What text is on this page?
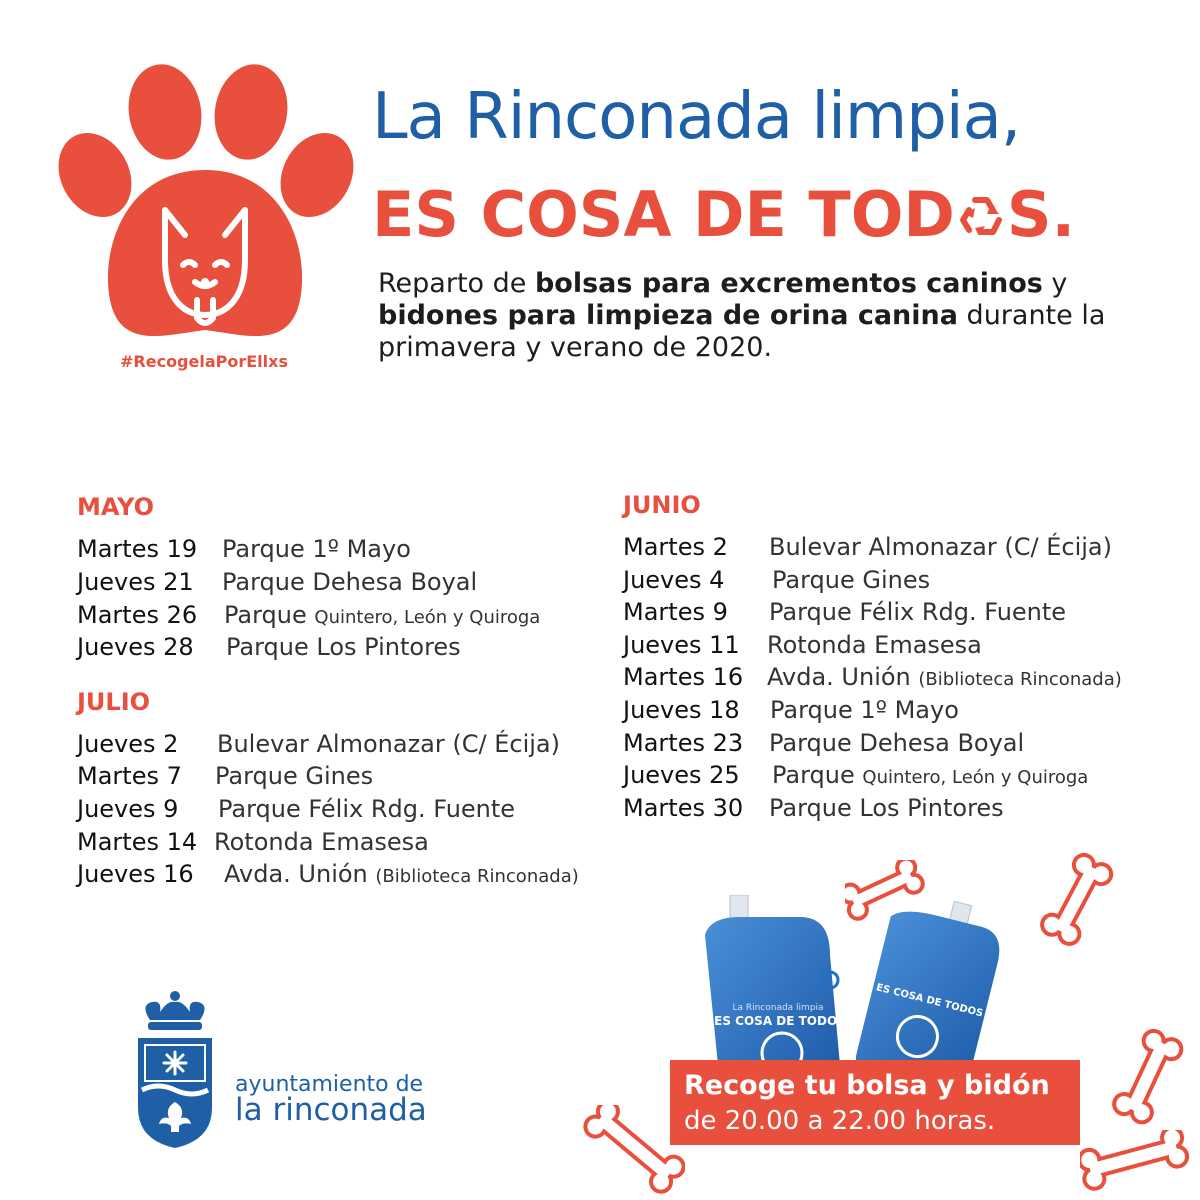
#RecogelaPorEllxs
La Rinconada limpia,
ES COSA DE TOD S.
Reparto de bolsas para excrementos caninos y bidones para limpieza de orina canina durante la primavera y verano de 2020.
MAYO
Martes 19 Parque 1º Mayo
Jueves 21 Parque Dehesa Boyal
Martes 26 Parque Quintero, León y Quiroga
Jueves 28 Parque Los Pintores
JULIO
Jueves 2 Bulevar Almonazar (C/ Écija)
Martes 7 Parque Gines
Jueves 9 Parque Félix Rdg. Fuente
Martes 14 Rotonda Emasesa
Jueves 16 Avda. Unión (Biblioteca Rinconada)
JUNIO
Martes 2 Bulevar Almonazar (C/ Écija)
Jueves 4 Parque Gines
Martes 9 Parque Félix Rdg. Fuente
Jueves 11 Rotonda Emasesa
Martes 16 Avda. Unión (Biblioteca Rinconada)
Jueves 18 Parque 1º Mayo
Martes 23 Parque Dehesa Boyal
Jueves 25 Parque Quintero, León y Quiroga
Martes 30 Parque Los Pintores
ES COSA DE TODOS
La Rinconada limpia
ES COSA DE TODOS
Recoge tu bolsa y bidón
de 20.00 a 22.00 horas.
ayuntamiento de
la rinconada
